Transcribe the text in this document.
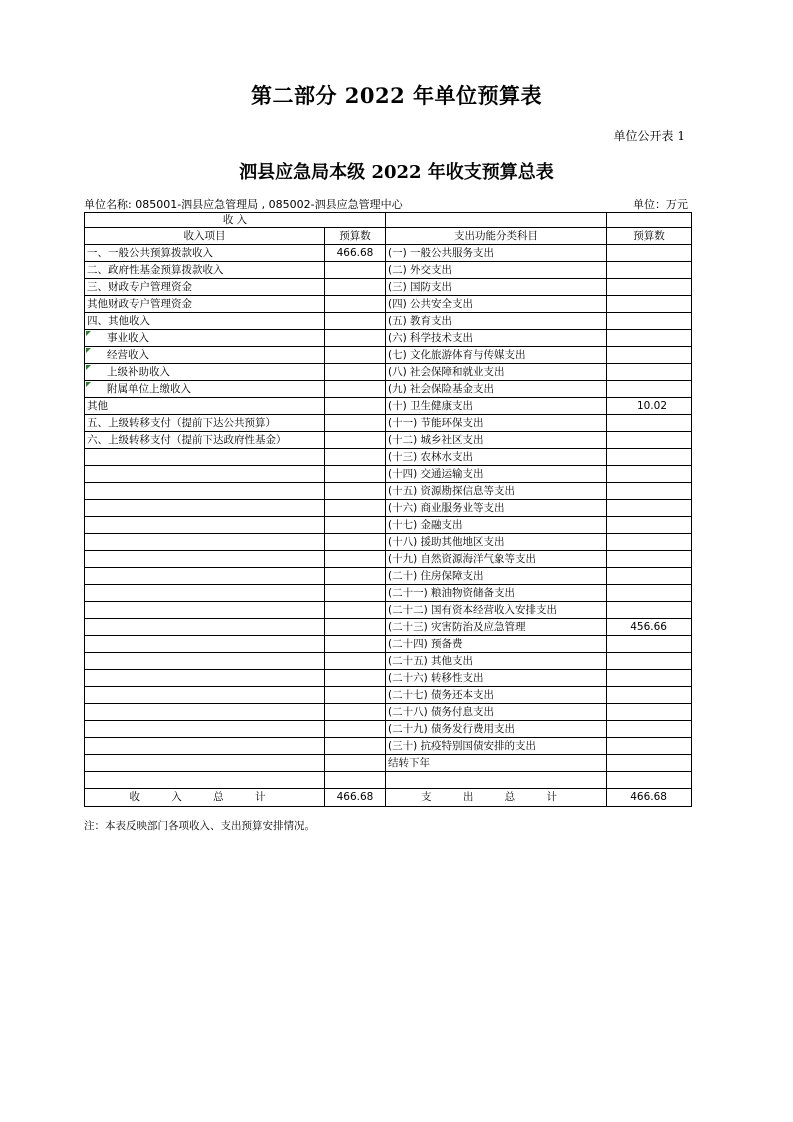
第二部分 2022 年单位预算表
单位公开表 1
泗县应急局本级 2022 年收支预算总表
单位名称: 085001-泗县应急管理局 , 085002-泗县应急管理中心	单位：万元
收 入			
收入项目	预算数	支出功能分类科目	预算数
一、一般公共预算拨款收入	466.68	(一) 一般公共服务支出	
二、政府性基金预算拨款收入		(二) 外交支出	
三、财政专户管理资金		(三) 国防支出	
其他财政专户管理资金		(四) 公共安全支出	
四、其他收入		(五) 教育支出	

事业收入		(六) 科学技术支出	

经营收入		(七) 文化旅游体育与传媒支出	

上级补助收入		(八) 社会保障和就业支出	

附属单位上缴收入		(九) 社会保险基金支出	
其他		(十) 卫生健康支出	10.02
五、上级转移支付（提前下达公共预算）		(十一) 节能环保支出	
六、上级转移支付（提前下达政府性基金）		(十二) 城乡社区支出	
		(十三) 农林水支出	
		(十四) 交通运输支出	
		(十五) 资源勘探信息等支出	
		(十六) 商业服务业等支出	
		(十七) 金融支出	
		(十八) 援助其他地区支出	
		(十九) 自然资源海洋气象等支出	
		(二十) 住房保障支出	
		(二十一) 粮油物资储备支出	
		(二十二) 国有资本经营收入安排支出	
		(二十三) 灾害防治及应急管理	456.66
		(二十四) 预备费	
		(二十五) 其他支出	
		(二十六) 转移性支出	
		(二十七) 债务还本支出	
		(二十八) 债务付息支出	
		(二十九) 债务发行费用支出	
		(三十) 抗疫特别国债安排的支出	
		结转下年	

收 入 总 计	466.68	支 出 总 计	466.68
注：本表反映部门各项收入、支出预算安排情况。
